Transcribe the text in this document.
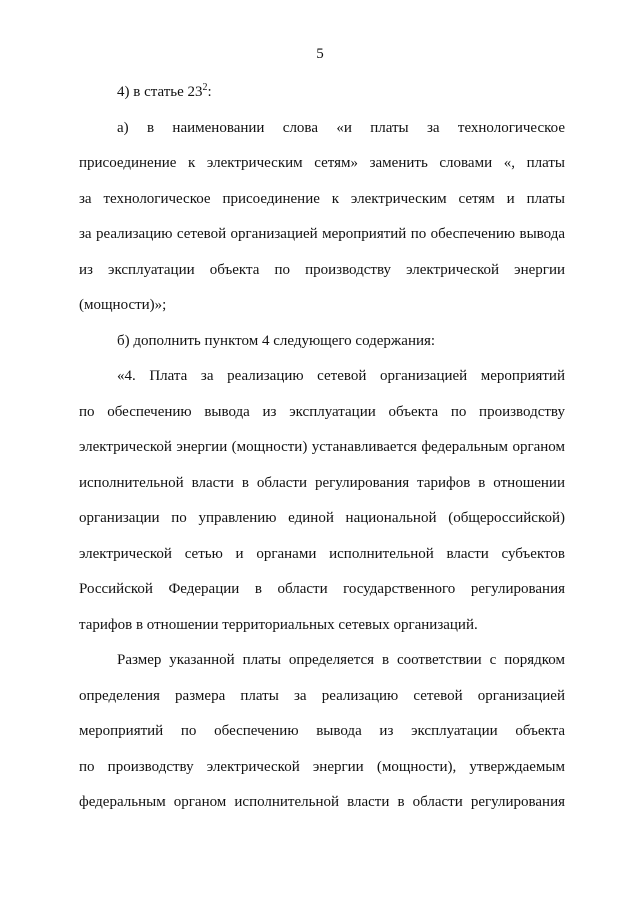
5
4) в статье $23^2$:
а) в наименовании слова «и платы за технологическое
присоединение к электрическим сетям» заменить словами «, платы
за технологическое присоединение к электрическим сетям и платы
за реализацию сетевой организацией мероприятий по обеспечению вывода
из эксплуатации объекта по производству электрической энергии
(мощности)»;
б) дополнить пунктом 4 следующего содержания:
«4. Плата за реализацию сетевой организацией мероприятий
по обеспечению вывода из эксплуатации объекта по производству
электрической энергии (мощности) устанавливается федеральным органом
исполнительной власти в области регулирования тарифов в отношении
организации по управлению единой национальной (общероссийской)
электрической сетью и органами исполнительной власти субъектов
Российской Федерации в области государственного регулирования
тарифов в отношении территориальных сетевых организаций.
Размер указанной платы определяется в соответствии с порядком
определения размера платы за реализацию сетевой организацией
мероприятий по обеспечению вывода из эксплуатации объекта
по производству электрической энергии (мощности), утверждаемым
федеральным органом исполнительной власти в области регулирования
